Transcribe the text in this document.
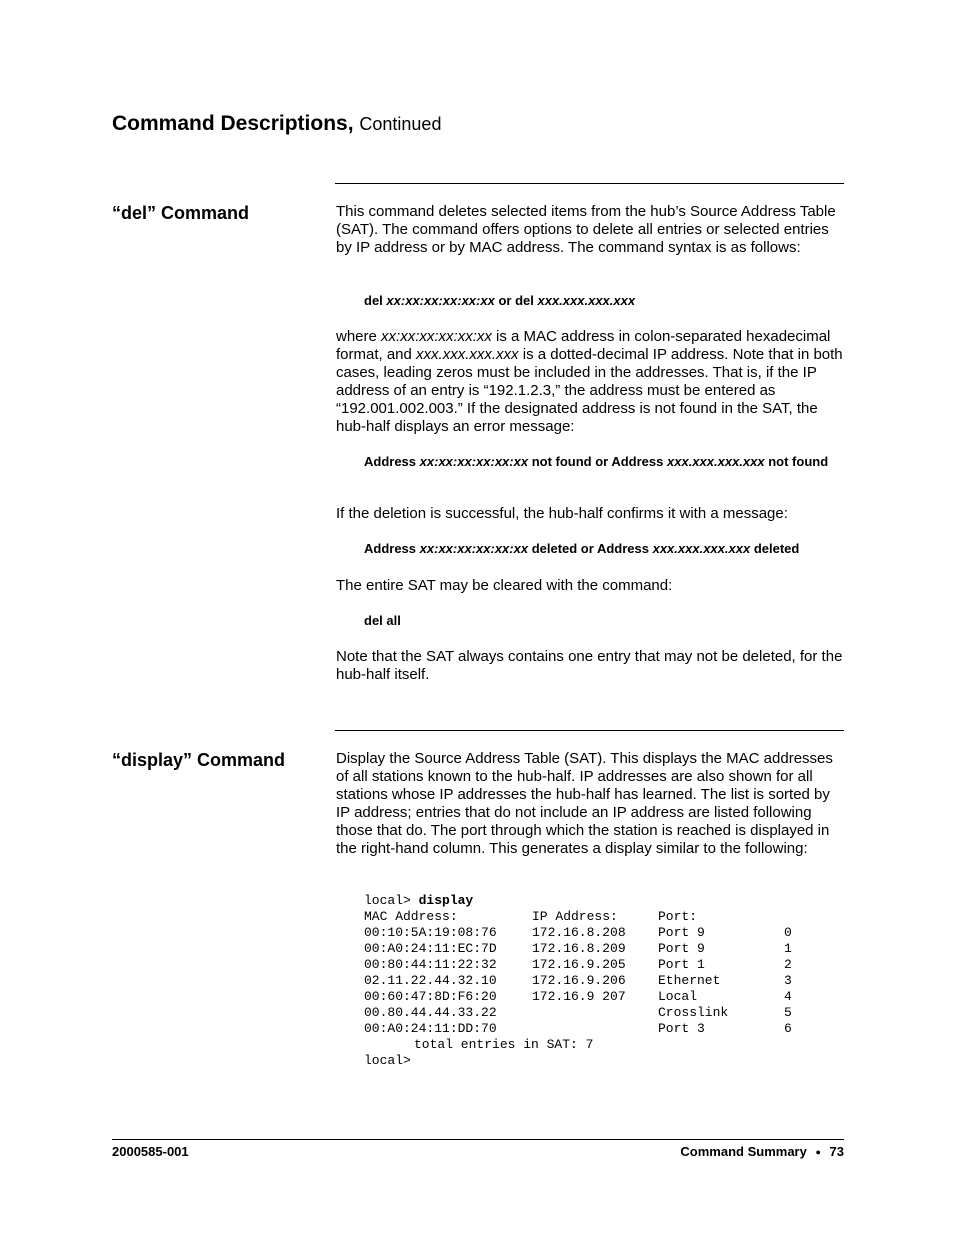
Command Descriptions, Continued
“del” Command	This command deletes selected items from the hub’s Source Address Table (SAT). The command offers options to delete all entries or selected entries by IP address or by MAC address. The command syntax is as follows:
del xx:xx:xx:xx:xx:xx or del xxx.xxx.xxx.xxx
where xx:xx:xx:xx:xx:xx is a MAC address in colon-separated hexadecimal format, and xxx.xxx.xxx.xxx is a dotted-decimal IP address. Note that in both cases, leading zeros must be included in the addresses. That is, if the IP address of an entry is “192.1.2.3,” the address must be entered as “192.001.002.003.” If the designated address is not found in the SAT, the hub-half displays an error message:
Address xx:xx:xx:xx:xx:xx not found or Address xxx.xxx.xxx.xxx not found
If the deletion is successful, the hub-half confirms it with a message:
Address xx:xx:xx:xx:xx:xx deleted or Address xxx.xxx.xxx.xxx deleted
The entire SAT may be cleared with the command:
del all
Note that the SAT always contains one entry that may not be deleted, for the hub-half itself.
“display” Command	Display the Source Address Table (SAT). This displays the MAC addresses of all stations known to the hub-half. IP addresses are also shown for all stations whose IP addresses the hub-half has learned. The list is sorted by IP address; entries that do not include an IP address are listed following those that do. The port through which the station is reached is displayed in the right-hand column. This generates a display similar to the following:
local> display
MAC Address:	IP Address:	Port:	
00:10:5A:19:08:76	172.16.8.208	Port 9	0
00:A0:24:11:EC:7D	172.16.8.209	Port 9	1
00:80:44:11:22:32	172.16.9.205	Port 1	2
02.11.22.44.32.10	172.16.9.206	Ethernet	3
00:60:47:8D:F6:20	172.16.9 207	Local	4
00.80.44.44.33.22		Crosslink	5
00:A0:24:11:DD:70		Port 3	6
total entries in SAT: 7
local>
2000585-001	Command Summary ● 73
